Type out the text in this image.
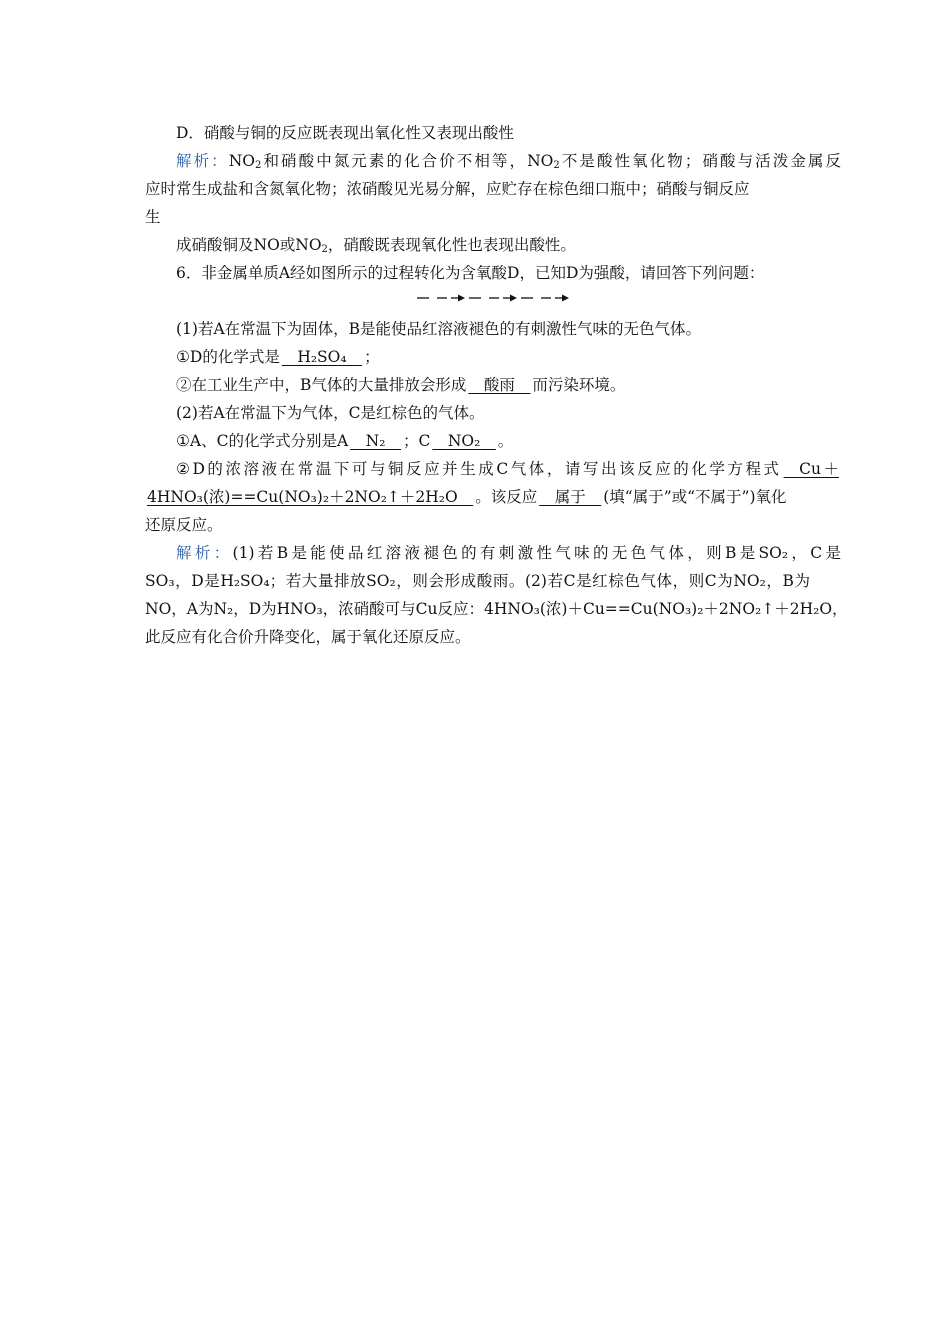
D．硝酸与铜的反应既表现出氧化性又表现出酸性
解析：$NO_2$和硝酸中氮元素的化合价不相等，$NO_2$不是酸性氧化物；硝酸与活泼金属反
应时常生成盐和含氮氧化物；浓硝酸见光易分解，应贮存在棕色细口瓶中；硝酸与铜反应
生
成硝酸铜及NO或$NO_2$，硝酸既表现氧化性也表现出酸性。
6．非金属单质A经如图所示的过程转化为含氧酸D，已知D为强酸，请回答下列问题：
(1)若A在常温下为固体，B是能使品红溶液褪色的有刺激性气味的无色气体。
①D的化学式是  H₂SO₄  ；
②在工业生产中，B气体的大量排放会形成  酸雨  而污染环境。
(2)若A在常温下为气体，C是红棕色的气体。
①A、C的化学式分别是A  N₂  ；C  NO₂  。
②D的浓溶液在常温下可与铜反应并生成C气体，请写出该反应的化学方程式  Cu＋
4HNO₃(浓)==Cu(NO₃)₂＋2NO₂↑＋2H₂O  。该反应  属于  (填“属于”或“不属于”)氧化
还原反应。
解析：(1)若B是能使品红溶液褪色的有刺激性气味的无色气体，则B是SO₂，C是
SO₃，D是H₂SO₄；若大量排放SO₂，则会形成酸雨。(2)若C是红棕色气体，则C为NO₂，B为
NO，A为N₂，D为HNO₃，浓硝酸可与Cu反应：4HNO₃(浓)＋Cu==Cu(NO₃)₂＋2NO₂↑＋2H₂O，
此反应有化合价升降变化，属于氧化还原反应。
